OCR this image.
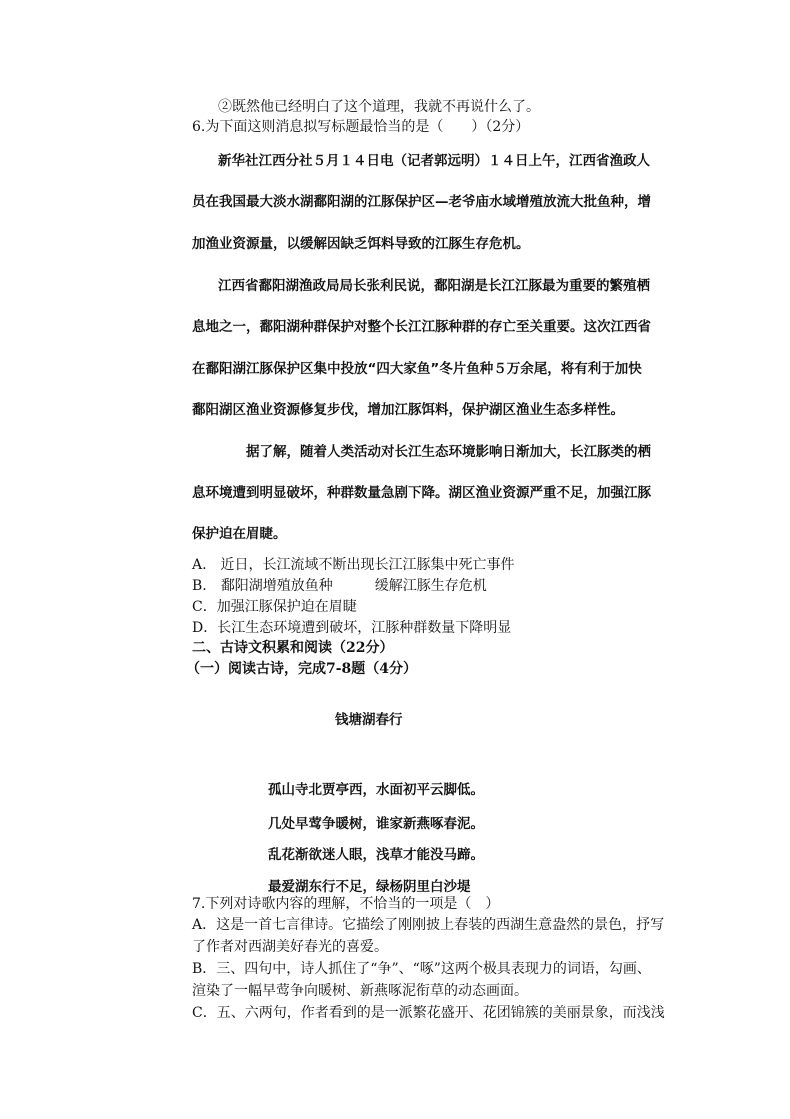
②既然他已经明白了这个道理，我就不再说什么了。
6.为下面这则消息拟写标题最恰当的是（　　）（2分）
新华社江西分社５月１４日电（记者郭远明）１４日上午，江西省渔政人
员在我国最大淡水湖鄱阳湖的江豚保护区—老爷庙水域增殖放流大批鱼种，增
加渔业资源量，以缓解因缺乏饵料导致的江豚生存危机。
江西省鄱阳湖渔政局局长张利民说，鄱阳湖是长江江豚最为重要的繁殖栖
息地之一，鄱阳湖种群保护对整个长江江豚种群的存亡至关重要。这次江西省
在鄱阳湖江豚保护区集中投放“四大家鱼”冬片鱼种５万余尾，将有利于加快
鄱阳湖区渔业资源修复步伐，增加江豚饵料，保护湖区渔业生态多样性。
据了解，随着人类活动对长江生态环境影响日渐加大，长江豚类的栖
息环境遭到明显破坏，种群数量急剧下降。湖区渔业资源严重不足，加强江豚
保护迫在眉睫。
A.　近日，长江流域不断出现长江江豚集中死亡事件
B.　鄱阳湖增殖放鱼种　　　缓解江豚生存危机
C．加强江豚保护迫在眉睫
D．长江生态环境遭到破坏，江豚种群数量下降明显
二、古诗文积累和阅读（22分）
（一）阅读古诗，完成7-8题（4分）
钱塘湖春行
孤山寺北贾亭西，水面初平云脚低。
几处早莺争暖树，谁家新燕啄春泥。
乱花渐欲迷人眼，浅草才能没马蹄。
最爱湖东行不足，绿杨阴里白沙堤
7.下列对诗歌内容的理解，不恰当的一项是（　）
A．这是一首七言律诗。它描绘了刚刚披上春装的西湖生意盎然的景色，抒写
了作者对西湖美好春光的喜爱。
B．三、四句中，诗人抓住了“争”、“啄”这两个极具表现力的词语，勾画、
渲染了一幅早莺争向暖树、新燕啄泥衔草的动态画面。
C．五、六两句，作者看到的是一派繁花盛开、花团锦簇的美丽景象，而浅浅
